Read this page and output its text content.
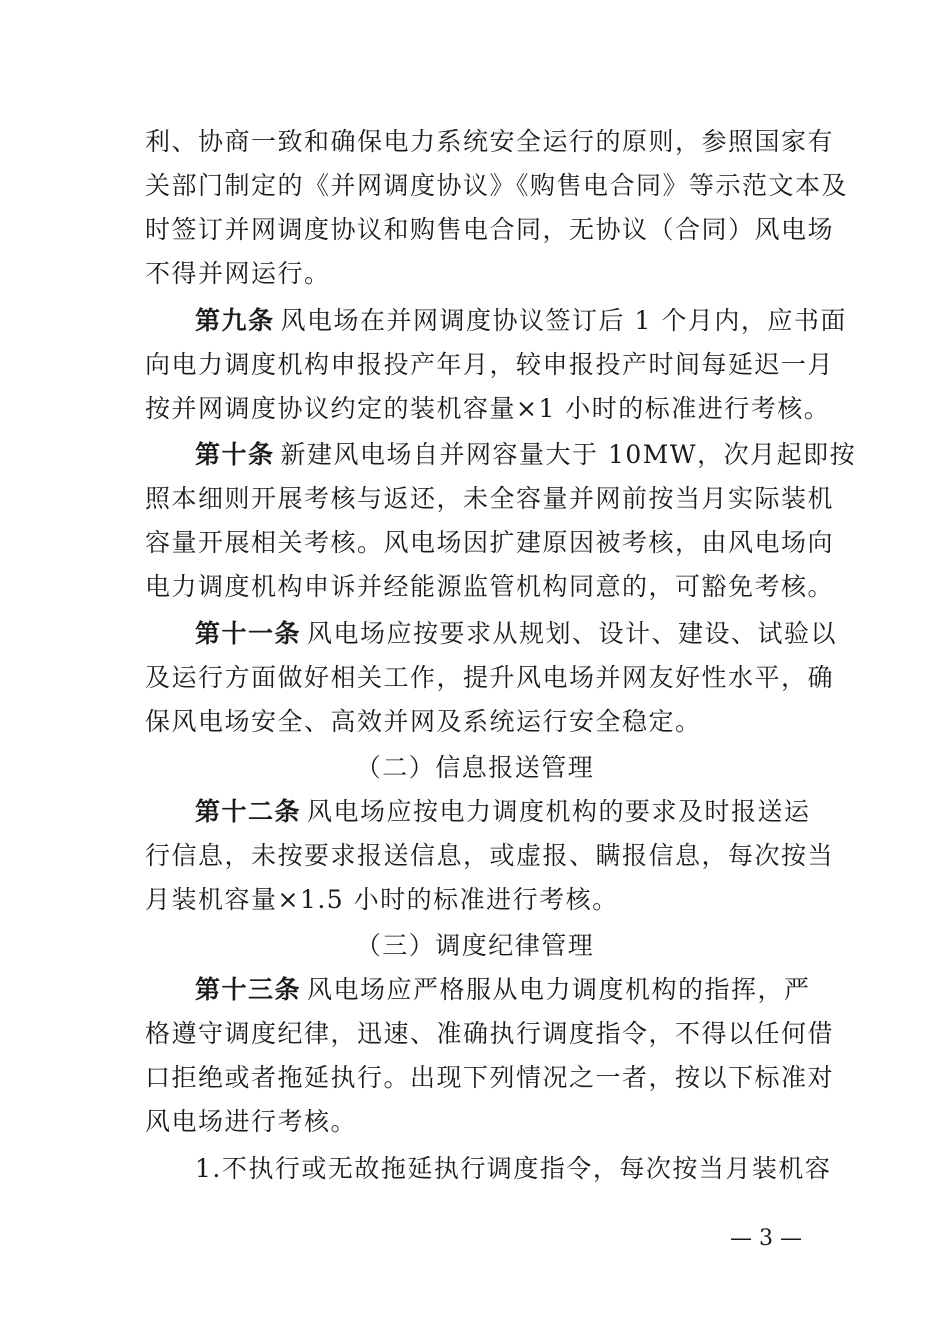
利、协商一致和确保电力系统安全运行的原则，参照国家有
关部门制定的《并网调度协议》《购售电合同》等示范文本及
时签订并网调度协议和购售电合同，无协议（合同）风电场
不得并网运行。
第九条 风电场在并网调度协议签订后 1 个月内，应书面
向电力调度机构申报投产年月，较申报投产时间每延迟一月
按并网调度协议约定的装机容量×1 小时的标准进行考核。
第十条 新建风电场自并网容量大于 10MW，次月起即按
照本细则开展考核与返还，未全容量并网前按当月实际装机
容量开展相关考核。风电场因扩建原因被考核，由风电场向
电力调度机构申诉并经能源监管机构同意的，可豁免考核。
第十一条 风电场应按要求从规划、设计、建设、试验以
及运行方面做好相关工作，提升风电场并网友好性水平，确
保风电场安全、高效并网及系统运行安全稳定。
（二）信息报送管理
第十二条 风电场应按电力调度机构的要求及时报送运
行信息，未按要求报送信息，或虚报、瞒报信息，每次按当
月装机容量×1.5 小时的标准进行考核。
（三）调度纪律管理
第十三条 风电场应严格服从电力调度机构的指挥，严
格遵守调度纪律，迅速、准确执行调度指令，不得以任何借
口拒绝或者拖延执行。出现下列情况之一者，按以下标准对
风电场进行考核。
1.不执行或无故拖延执行调度指令，每次按当月装机容
— 3 —
